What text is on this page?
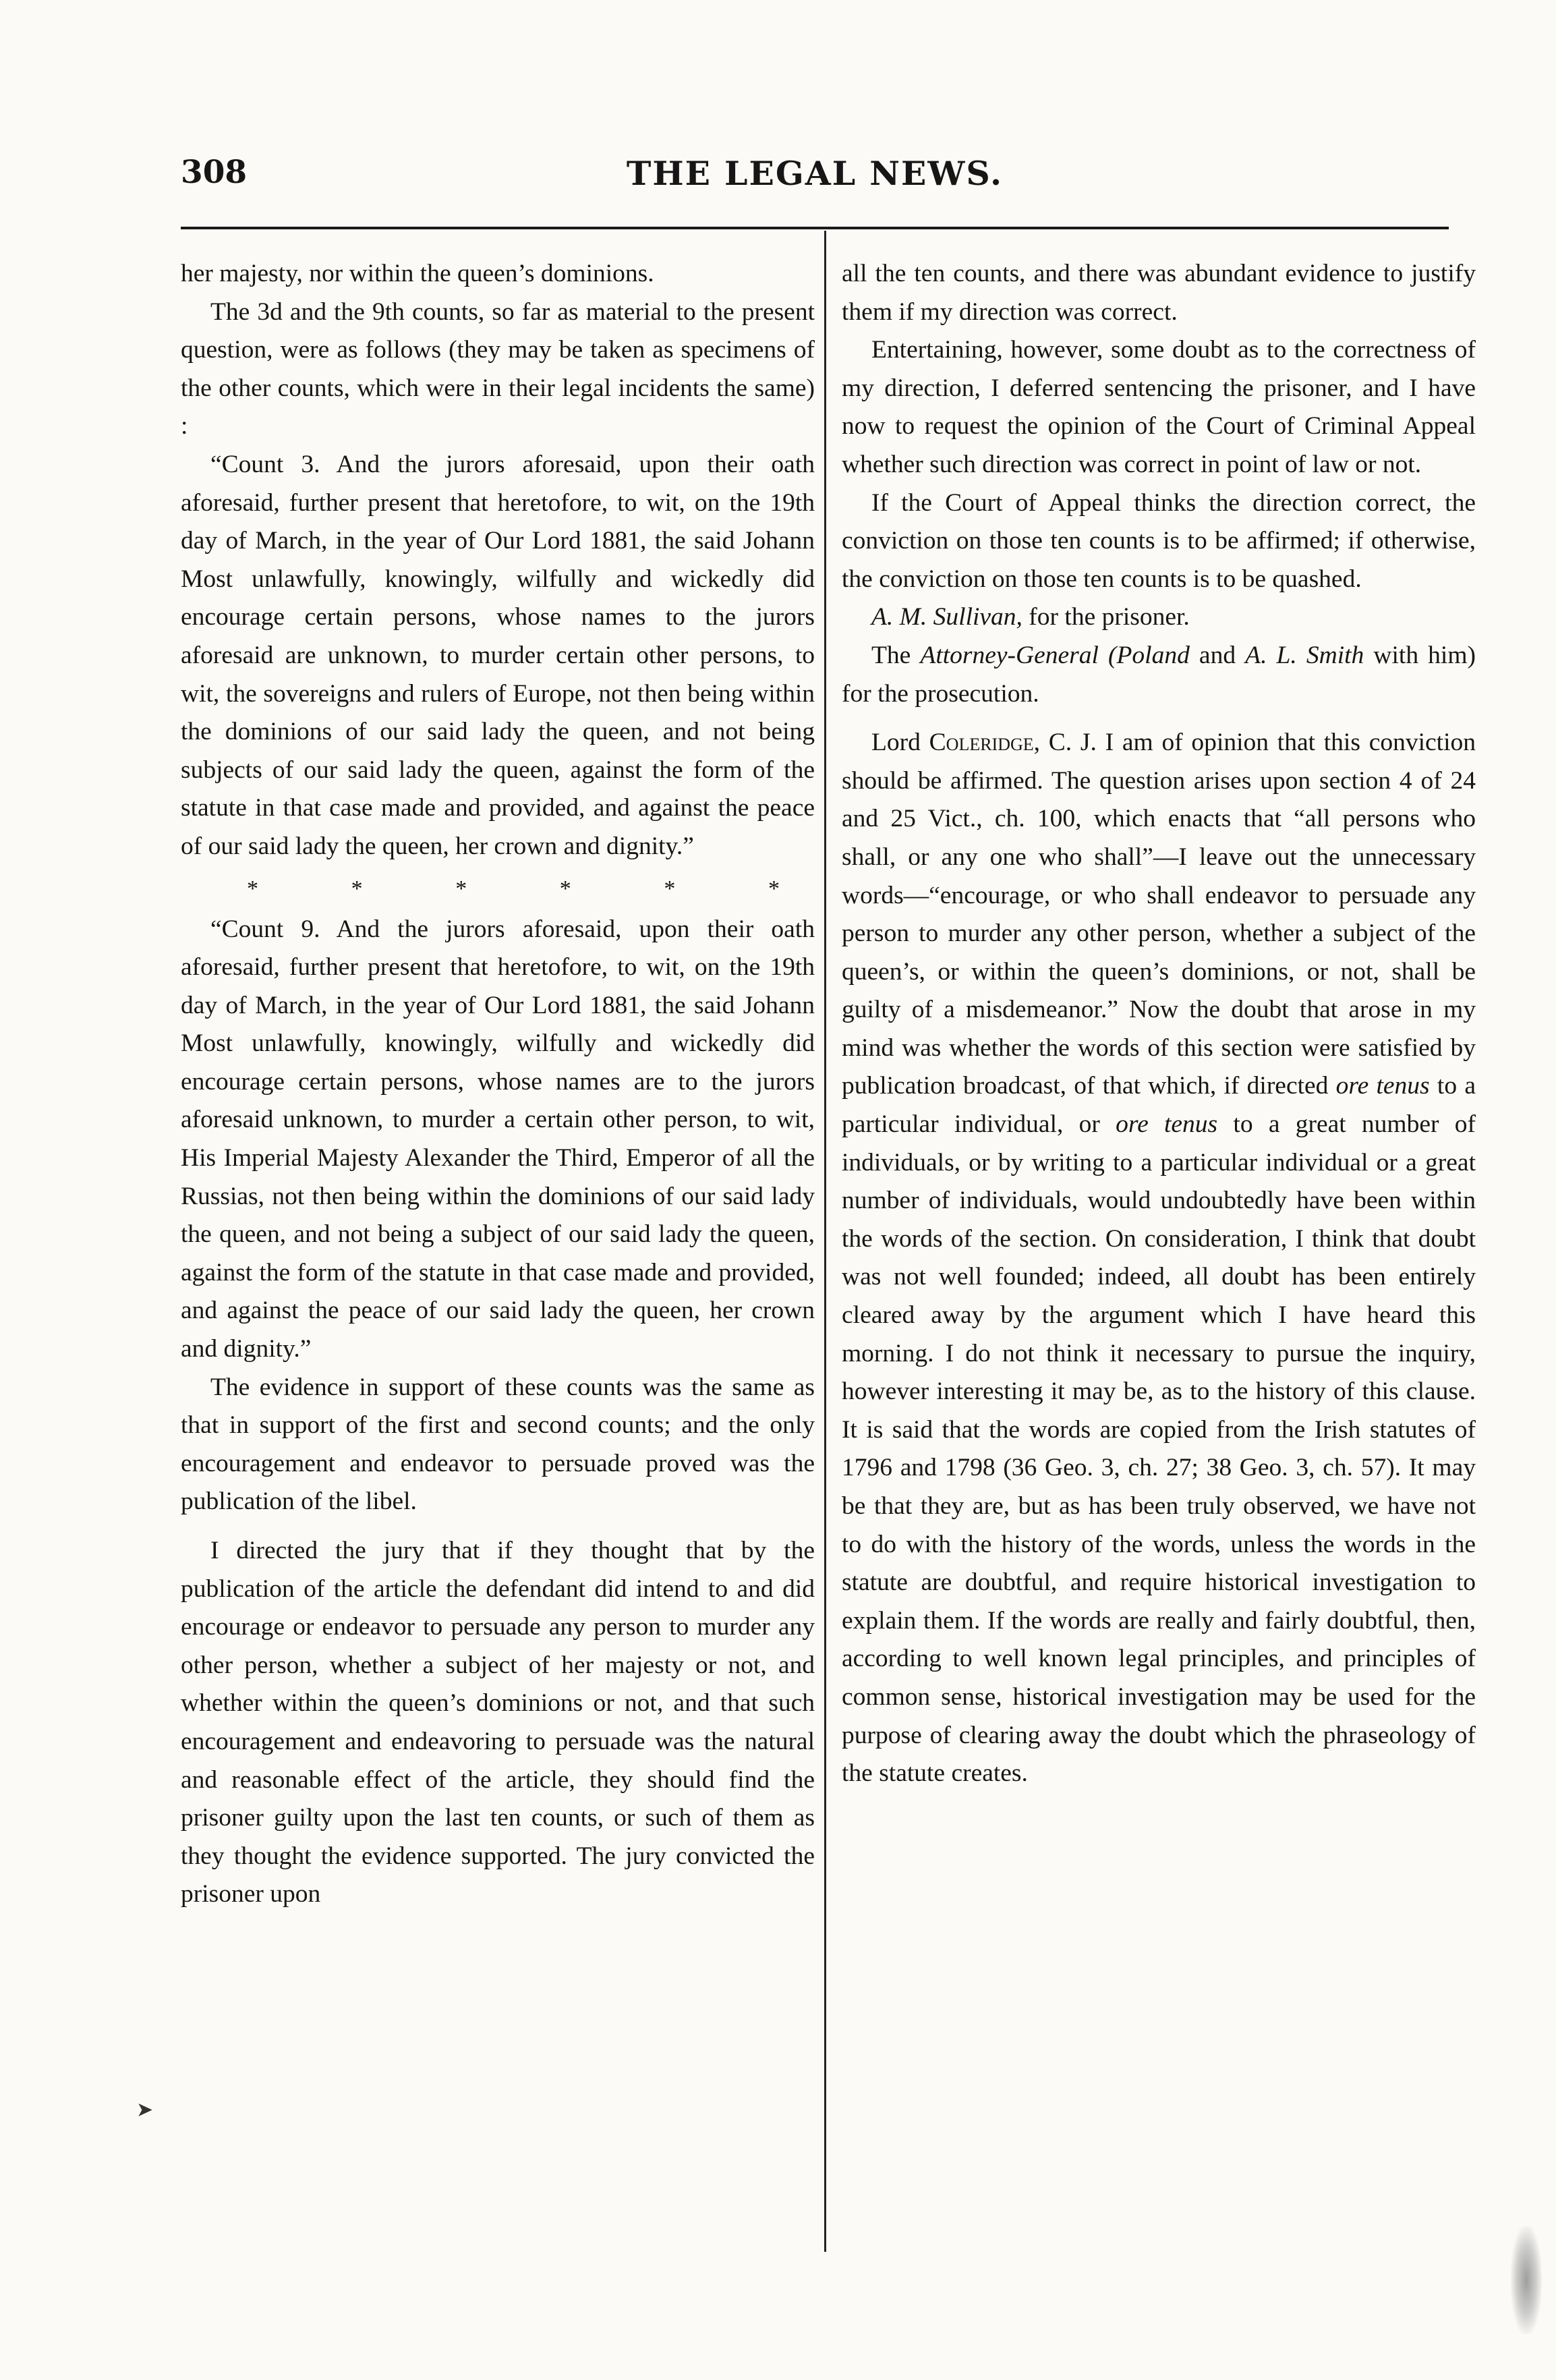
308	THE LEGAL NEWS.

her majesty, nor within the queen’s dominions.

The 3d and the 9th counts, so far as material to the present question, were as follows (they may be taken as specimens of the other counts, which were in their legal incidents the same) :

“Count 3. And the jurors aforesaid, upon their oath aforesaid, further present that heretofore, to wit, on the 19th day of March, in the year of Our Lord 1881, the said Johann Most unlawfully, knowingly, wilfully and wickedly did encourage certain persons, whose names to the jurors aforesaid are unknown, to murder certain other persons, to wit, the sovereigns and rulers of Europe, not then being within the dominions of our said lady the queen, and not being subjects of our said lady the queen, against the form of the statute in that case made and provided, and against the peace of our said lady the queen, her crown and dignity.”

*	*	*	*	*	*

“Count 9. And the jurors aforesaid, upon their oath aforesaid, further present that heretofore, to wit, on the 19th day of March, in the year of Our Lord 1881, the said Johann Most unlawfully, knowingly, wilfully and wickedly did encourage certain persons, whose names are to the jurors aforesaid unknown, to murder a certain other person, to wit, His Imperial Majesty Alexander the Third, Emperor of all the Russias, not then being within the dominions of our said lady the queen, and not being a subject of our said lady the queen, against the form of the statute in that case made and provided, and against the peace of our said lady the queen, her crown and dignity.”

The evidence in support of these counts was the same as that in support of the first and second counts; and the only encouragement and endeavor to persuade proved was the publication of the libel.

I directed the jury that if they thought that by the publication of the article the defendant did intend to and did encourage or endeavor to persuade any person to murder any other person, whether a subject of her majesty or not, and whether within the queen’s dominions or not, and that such encouragement and endeavoring to persuade was the natural and reasonable effect of the article, they should find the prisoner guilty upon the last ten counts, or such of them as they thought the evidence supported. The jury convicted the prisoner upon

all the ten counts, and there was abundant evidence to justify them if my direction was correct.

Entertaining, however, some doubt as to the correctness of my direction, I deferred sentencing the prisoner, and I have now to request the opinion of the Court of Criminal Appeal whether such direction was correct in point of law or not.

If the Court of Appeal thinks the direction correct, the conviction on those ten counts is to be affirmed; if otherwise, the conviction on those ten counts is to be quashed.

A. M. Sullivan, for the prisoner.

The Attorney-General (Poland and A. L. Smith with him) for the prosecution.

Lord Coleridge, C. J. I am of opinion that this conviction should be affirmed. The question arises upon section 4 of 24 and 25 Vict., ch. 100, which enacts that “all persons who shall, or any one who shall”—I leave out the unnecessary words—“encourage, or who shall endeavor to persuade any person to murder any other person, whether a subject of the queen’s, or within the queen’s dominions, or not, shall be guilty of a misdemeanor.” Now the doubt that arose in my mind was whether the words of this section were satisfied by publication broadcast, of that which, if directed ore tenus to a particular individual, or ore tenus to a great number of individuals, or by writing to a particular individual or a great number of individuals, would undoubtedly have been within the words of the section. On consideration, I think that doubt was not well founded; indeed, all doubt has been entirely cleared away by the argument which I have heard this morning. I do not think it necessary to pursue the inquiry, however interesting it may be, as to the history of this clause. It is said that the words are copied from the Irish statutes of 1796 and 1798 (36 Geo. 3, ch. 27; 38 Geo. 3, ch. 57). It may be that they are, but as has been truly observed, we have not to do with the history of the words, unless the words in the statute are doubtful, and require historical investigation to explain them. If the words are really and fairly doubtful, then, according to well known legal principles, and principles of common sense, historical investigation may be used for the purpose of clearing away the doubt which the phraseology of the statute creates.

➤
